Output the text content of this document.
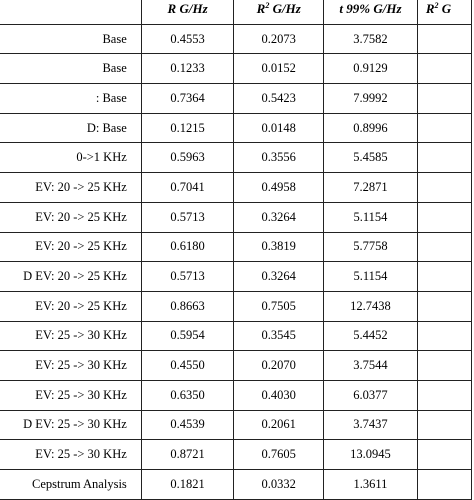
	R G/Hz	$R^2$ G/Hz	t 99% G/Hz	$R^2$ G
Base	0.4553	0.2073	3.7582	
Base	0.1233	0.0152	0.9129	
: Base	0.7364	0.5423	7.9992	
D: Base	0.1215	0.0148	0.8996	
0->1 KHz	0.5963	0.3556	5.4585	
EV: 20 -> 25 KHz	0.7041	0.4958	7.2871	
EV: 20 -> 25 KHz	0.5713	0.3264	5.1154	
EV: 20 -> 25 KHz	0.6180	0.3819	5.7758	
D EV: 20 -> 25 KHz	0.5713	0.3264	5.1154	
EV: 20 -> 25 KHz	0.8663	0.7505	12.7438	
EV: 25 -> 30 KHz	0.5954	0.3545	5.4452	
EV: 25 -> 30 KHz	0.4550	0.2070	3.7544	
EV: 25 -> 30 KHz	0.6350	0.4030	6.0377	
D EV: 25 -> 30 KHz	0.4539	0.2061	3.7437	
EV: 25 -> 30 KHz	0.8721	0.7605	13.0945	
Cepstrum Analysis	0.1821	0.0332	1.3611	
